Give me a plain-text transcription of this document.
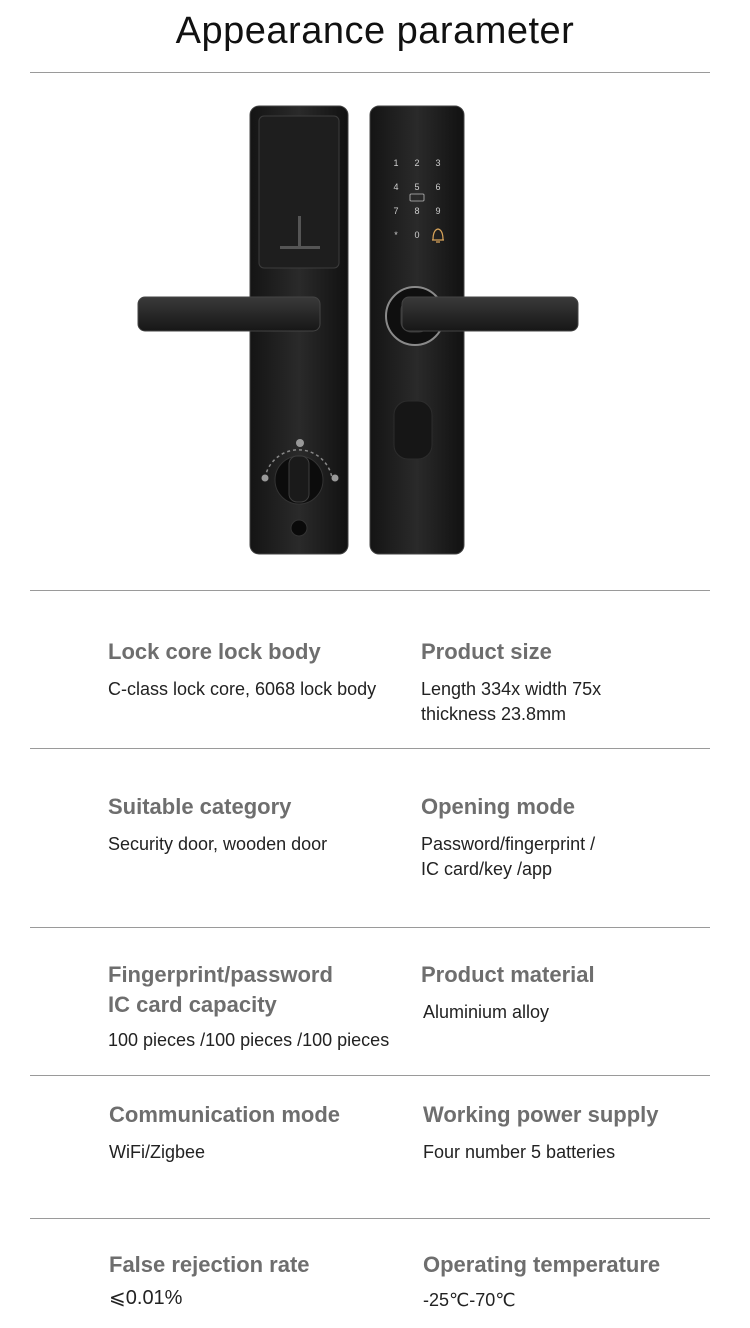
Appearance parameter
1 2 3
4 5 6
7 8 9
* 0
Lock core lock body
C-class lock core, 6068 lock body
Product size
Length 334x width 75x
thickness 23.8mm
Suitable category
Security door, wooden door
Opening mode
Password/fingerprint /
IC card/key /app
Fingerprint/password
IC card capacity
100 pieces /100 pieces /100 pieces
Product material
Aluminium alloy
Communication mode
WiFi/Zigbee
Working power supply
Four number 5 batteries
False rejection rate
⩽0.01%
Operating temperature
-25℃-70℃
